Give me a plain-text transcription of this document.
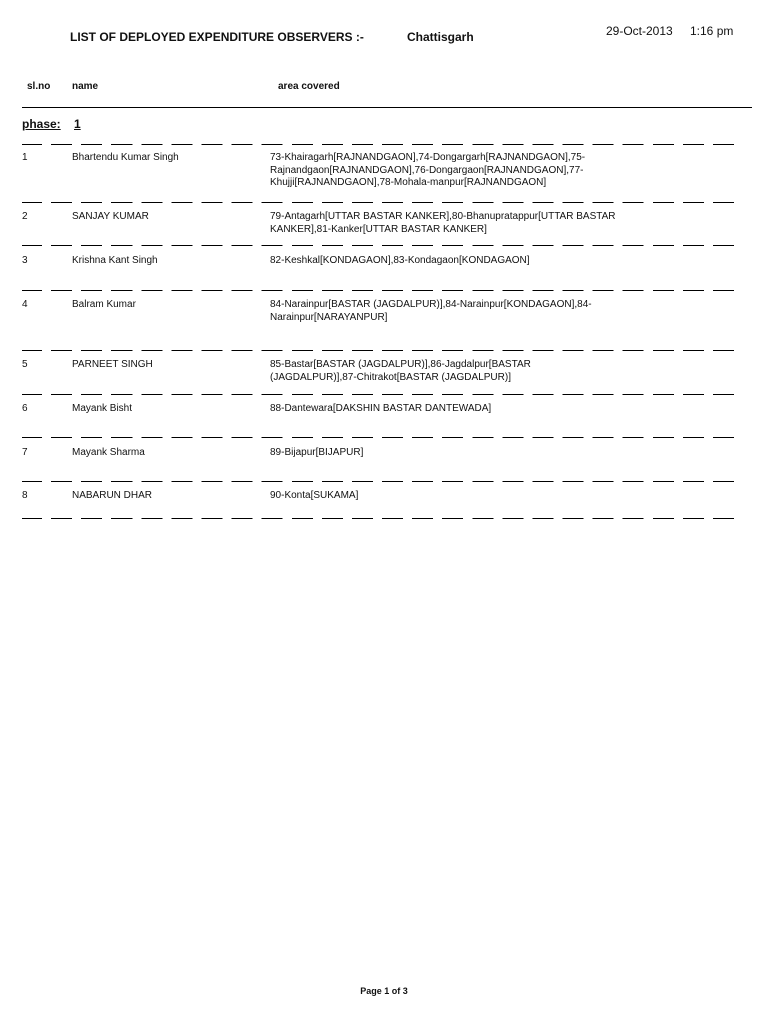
LIST OF DEPLOYED EXPENDITURE OBSERVERS :-	Chattisgarh	29-Oct-2013 1:16 pm
sl.no name	area covered
phase: 1
1	Bhartendu Kumar Singh	73-Khairagarh[RAJNANDGAON],74-Dongargarh[RAJNANDGAON],75-Rajnandgaon[RAJNANDGAON],76-Dongargaon[RAJNANDGAON],77-Khujji[RAJNANDGAON],78-Mohala-manpur[RAJNANDGAON]
2	SANJAY KUMAR	79-Antagarh[UTTAR BASTAR KANKER],80-Bhanupratappur[UTTAR BASTAR KANKER],81-Kanker[UTTAR BASTAR KANKER]
3	Krishna Kant Singh	82-Keshkal[KONDAGAON],83-Kondagaon[KONDAGAON]
4	Balram Kumar	84-Narainpur[BASTAR (JAGDALPUR)],84-Narainpur[KONDAGAON],84-Narainpur[NARAYANPUR]
5	PARNEET SINGH	85-Bastar[BASTAR (JAGDALPUR)],86-Jagdalpur[BASTAR (JAGDALPUR)],87-Chitrakot[BASTAR (JAGDALPUR)]
6	Mayank Bisht	88-Dantewara[DAKSHIN BASTAR DANTEWADA]
7	Mayank Sharma	89-Bijapur[BIJAPUR]
8	NABARUN DHAR	90-Konta[SUKAMA]
Page 1 of 3
